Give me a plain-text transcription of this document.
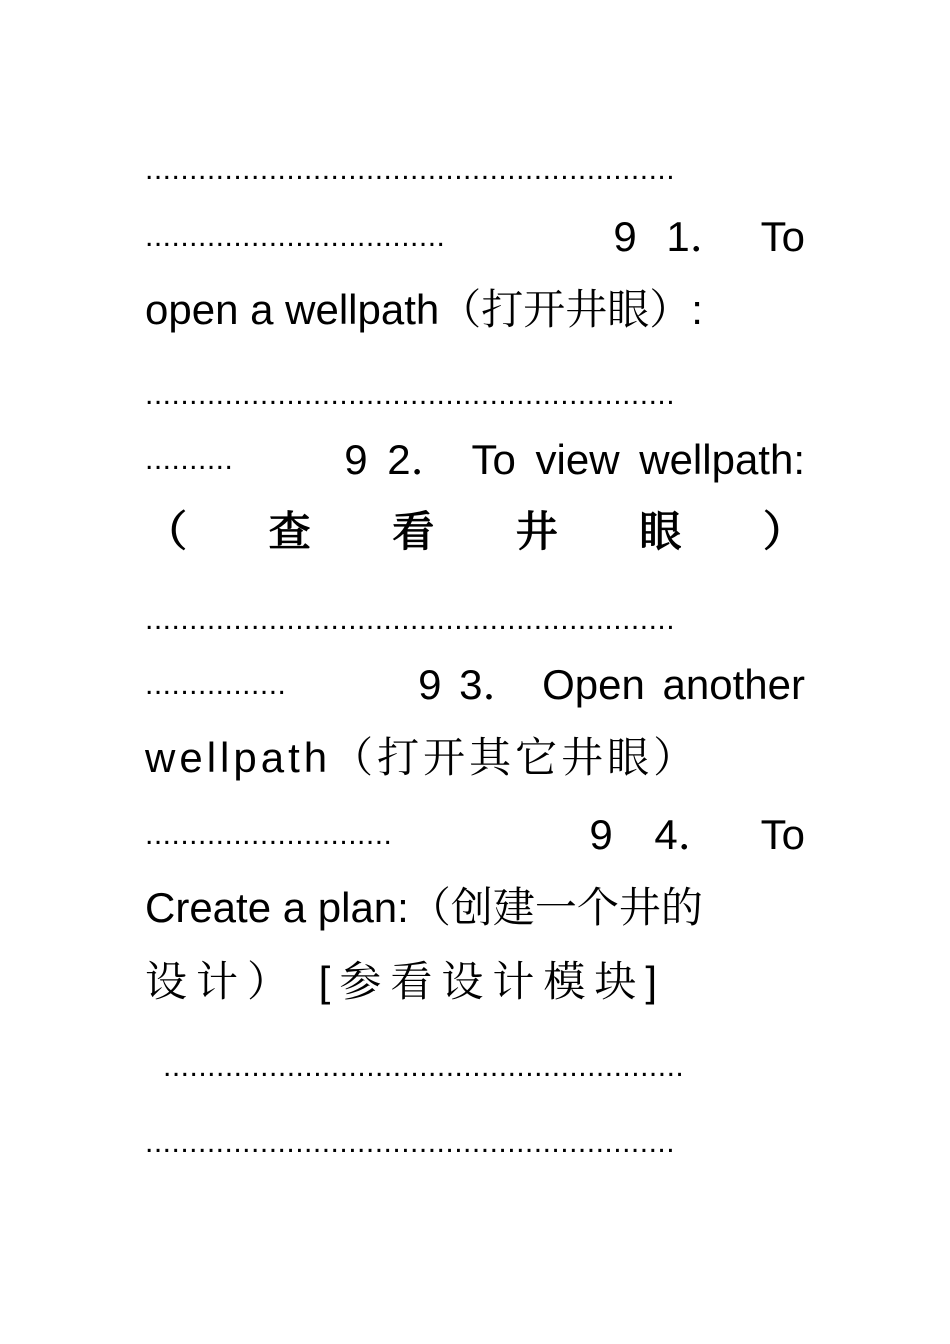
............................................................
..................................	9 1． To
open a wellpath（打开井眼）:
............................................................
..........	9 2． To view wellpath:
（ 查 看 井 眼 ）
............................................................
................	9 3． Open another
wellpath（打开其它井眼）
............................	9 4． To
Create a plan:（创建一个井的
设计） [参看设计模块]
...........................................................
............................................................
